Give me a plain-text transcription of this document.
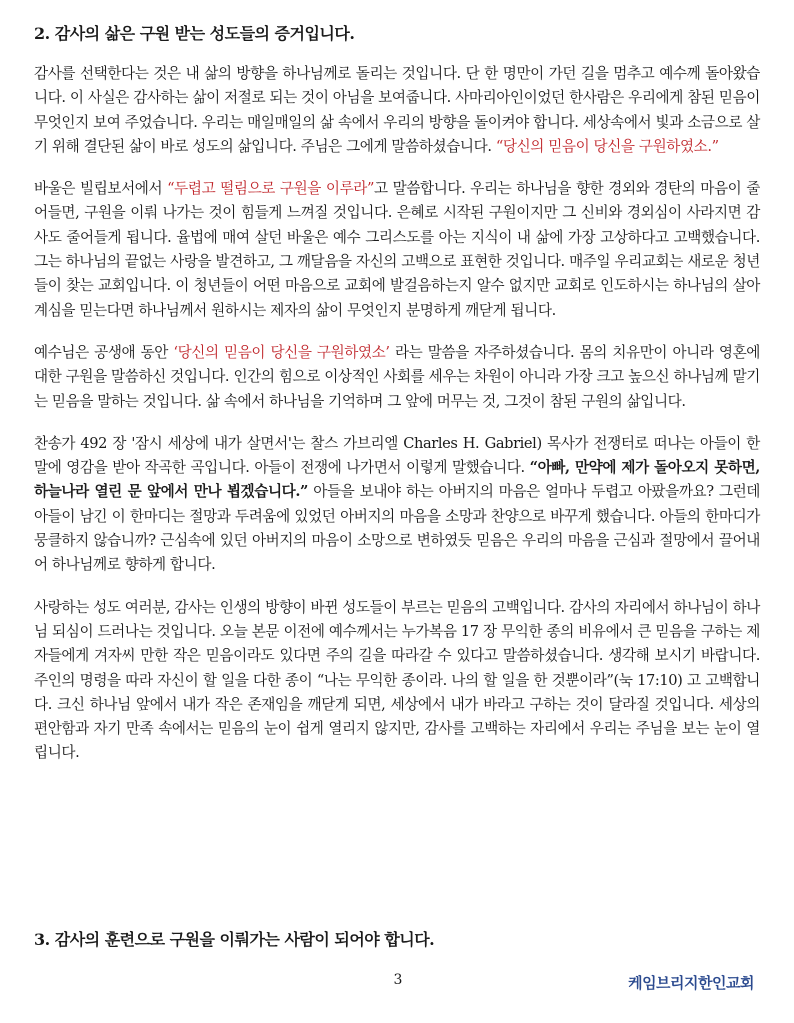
2. 감사의 삶은 구원 받는 성도들의 증거입니다.

감사를 선택한다는 것은 내 삶의 방향을 하나님께로 돌리는 것입니다. 단 한 명만이 가던 길을 멈추고 예수께 돌아왔습니다. 이 사실은 감사하는 삶이 저절로 되는 것이 아님을 보여줍니다. 사마리아인이었던 한사람은 우리에게 참된 믿음이 무엇인지 보여 주었습니다. 우리는 매일매일의 삶 속에서 우리의 방향을 돌이켜야 합니다. 세상속에서 빛과 소금으로 살기 위해 결단된 삶이 바로 성도의 삶입니다. 주님은 그에게 말씀하셨습니다. “당신의 믿음이 당신을 구원하였소.”

바울은 빌립보서에서 “두렵고 떨림으로 구원을 이루라”고 말씀합니다. 우리는 하나님을 향한 경외와 경탄의 마음이 줄어들면, 구원을 이뤄 나가는 것이 힘들게 느껴질 것입니다. 은혜로 시작된 구원이지만 그 신비와 경외심이 사라지면 감사도 줄어들게 됩니다. 율법에 매여 살던 바울은 예수 그리스도를 아는 지식이 내 삶에 가장 고상하다고 고백했습니다. 그는 하나님의 끝없는 사랑을 발견하고, 그 깨달음을 자신의 고백으로 표현한 것입니다. 매주일 우리교회는 새로운 청년들이 찾는 교회입니다. 이 청년들이 어떤 마음으로 교회에 발걸음하는지 알수 없지만 교회로 인도하시는 하나님의 살아계심을 믿는다면 하나님께서 원하시는 제자의 삶이 무엇인지 분명하게 깨닫게 됩니다.

예수님은 공생애 동안 ‘당신의 믿음이 당신을 구원하였소’ 라는 말씀을 자주하셨습니다. 몸의 치유만이 아니라 영혼에 대한 구원을 말씀하신 것입니다. 인간의 힘으로 이상적인 사회를 세우는 차원이 아니라 가장 크고 높으신 하나님께 맡기는 믿음을 말하는 것입니다. 삶 속에서 하나님을 기억하며 그 앞에 머무는 것, 그것이 참된 구원의 삶입니다.

찬송가 492 장 '잠시 세상에 내가 살면서'는 찰스 가브리엘 Charles H. Gabriel) 목사가 전쟁터로 떠나는 아들이 한 말에 영감을 받아 작곡한 곡입니다. 아들이 전쟁에 나가면서 이렇게 말했습니다. “아빠, 만약에 제가 돌아오지 못하면, 하늘나라 열린 문 앞에서 만나 뵙겠습니다.” 아들을 보내야 하는 아버지의 마음은 얼마나 두렵고 아팠을까요? 그런데 아들이 남긴 이 한마디는 절망과 두려움에 있었던 아버지의 마음을 소망과 찬양으로 바꾸게 했습니다. 아들의 한마디가 뭉클하지 않습니까? 근심속에 있던 아버지의 마음이 소망으로 변하였듯 믿음은 우리의 마음을 근심과 절망에서 끌어내어 하나님께로 향하게 합니다.

사랑하는 성도 여러분, 감사는 인생의 방향이 바뀐 성도들이 부르는 믿음의 고백입니다. 감사의 자리에서 하나님이 하나님 되심이 드러나는 것입니다. 오늘 본문 이전에 예수께서는 누가복음 17 장 무익한 종의 비유에서 큰 믿음을 구하는 제자들에게 겨자씨 만한 작은 믿음이라도 있다면 주의 길을 따라갈 수 있다고 말씀하셨습니다. 생각해 보시기 바랍니다. 주인의 명령을 따라 자신이 할 일을 다한 종이 “나는 무익한 종이라. 나의 할 일을 한 것뿐이라”(눅 17:10) 고 고백합니다. 크신 하나님 앞에서 내가 작은 존재임을 깨닫게 되면, 세상에서 내가 바라고 구하는 것이 달라질 것입니다. 세상의 편안함과 자기 만족 속에서는 믿음의 눈이 쉽게 열리지 않지만, 감사를 고백하는 자리에서 우리는 주님을 보는 눈이 열립니다.

3. 감사의 훈련으로 구원을 이뤄가는 사람이 되어야 합니다.
3	케임브리지한인교회
